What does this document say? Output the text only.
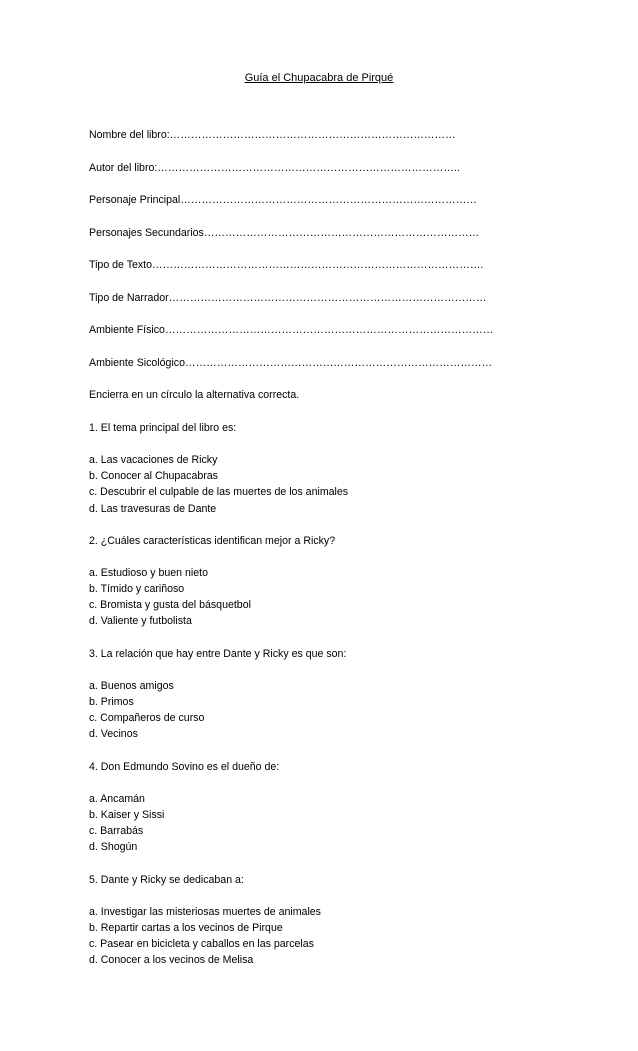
Guía el Chupacabra de Pirqué
Nombre del libro:………………………………………………………………………
Autor del libro:…………………………………………………………………………..
Personaje Principal…………………………………………………………………………
Personajes Secundarios……………………………………………………………………
Tipo de Texto………………………………………………………………………………….
Tipo de Narrador………………………………………………………………………………
Ambiente Físico…………………………………………………………………………………
Ambiente Sicológico……………………………………………………………………………
Encierra en un círculo la alternativa correcta.
1. El tema principal del libro es:
a. Las vacaciones de Ricky
b. Conocer al Chupacabras
c. Descubrir el culpable de las muertes de los animales
d. Las travesuras de Dante
2. ¿Cuáles características identifican mejor a Ricky?
a. Estudioso y buen nieto
b. Tímido y cariñoso
c. Bromista y gusta del básquetbol
d. Valiente y futbolista
3. La relación que hay entre Dante y Ricky es que son:
a. Buenos amigos
b. Primos
c. Compañeros de curso
d. Vecinos
4. Don Edmundo Sovino es el dueño de:
a. Ancamán
b. Kaiser y Sissi
c. Barrabás
d. Shogún
5. Dante y Ricky se dedicaban a:
a. Investigar las misteriosas muertes de animales
b. Repartir cartas a los vecinos de Pirque
c. Pasear en bicicleta y caballos en las parcelas
d. Conocer a los vecinos de Melisa
